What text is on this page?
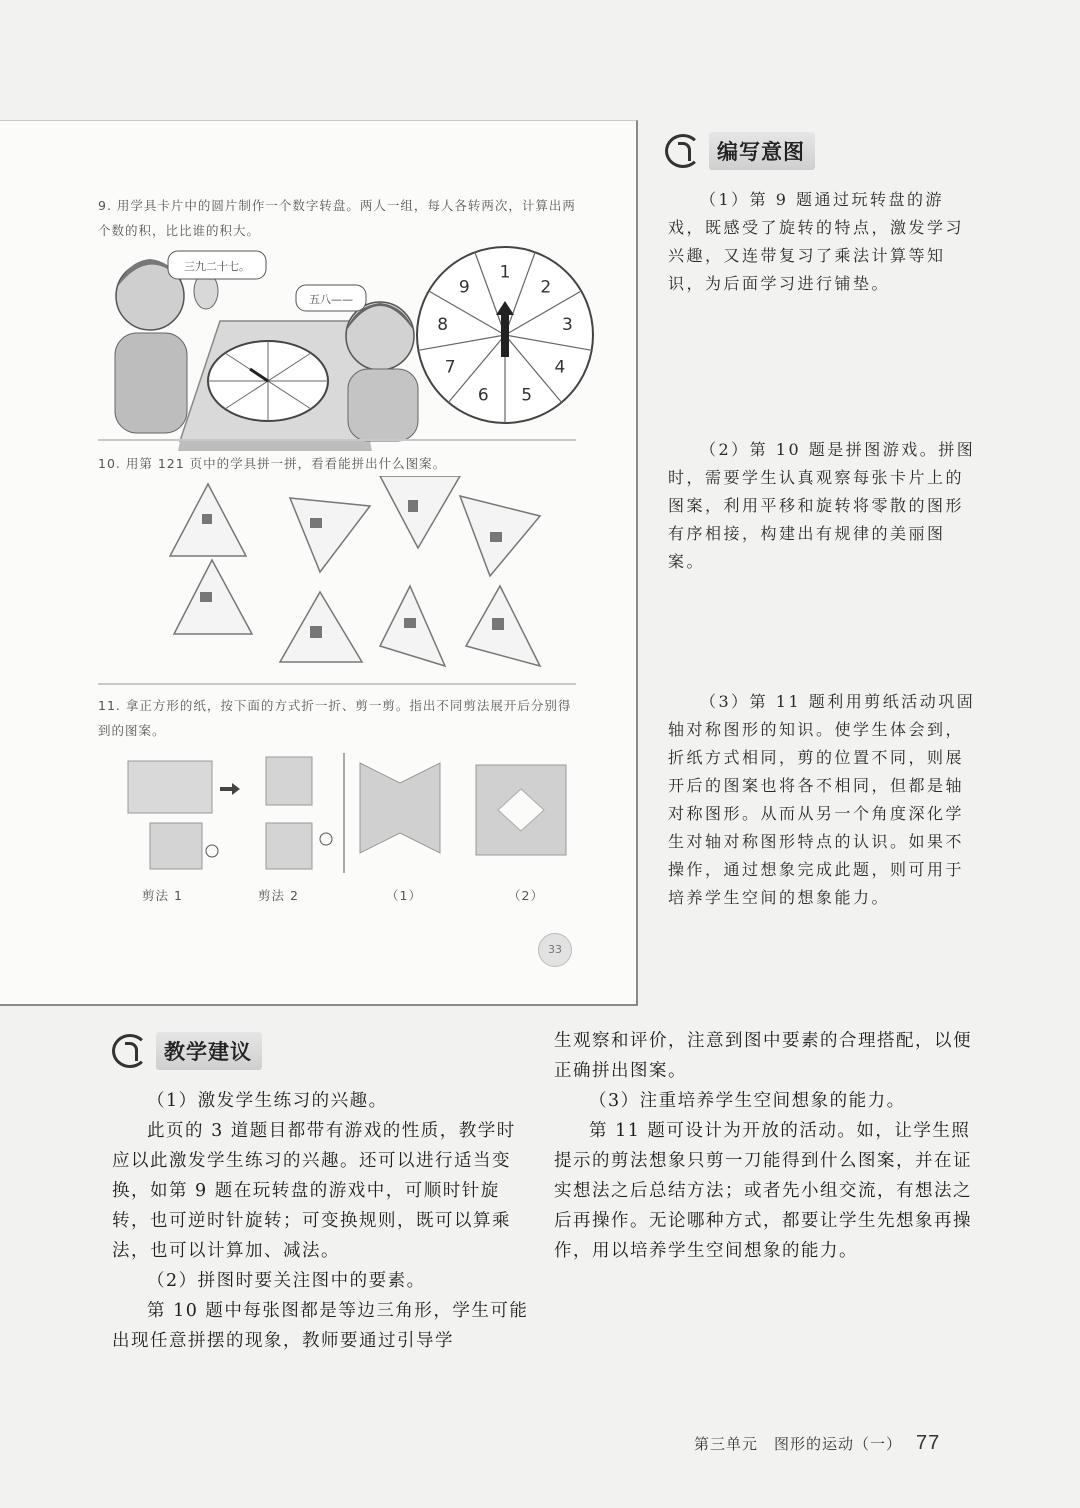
9. 用学具卡片中的圆片制作一个数字转盘。两人一组，每人各转两次，计算出两个数的积，比比谁的积大。
三九二十七。
五八——
1
2
3
4
5
6
7
8
9
10. 用第 121 页中的学具拼一拼，看看能拼出什么图案。
11. 拿正方形的纸，按下面的方式折一折、剪一剪。指出不同剪法展开后分别得到的图案。
剪法 1	剪法 2	（1）	（2）
33
编写意图

（1）第 9 题通过玩转盘的游戏，既感受了旋转的特点，激发学习兴趣，又连带复习了乘法计算等知识，为后面学习进行铺垫。

（2）第 10 题是拼图游戏。拼图时，需要学生认真观察每张卡片上的图案，利用平移和旋转将零散的图形有序相接，构建出有规律的美丽图案。

（3）第 11 题利用剪纸活动巩固轴对称图形的知识。使学生体会到，折纸方式相同，剪的位置不同，则展开后的图案也将各不相同，但都是轴对称图形。从而从另一个角度深化学生对轴对称图形特点的认识。如果不操作，通过想象完成此题，则可用于培养学生空间的想象能力。

教学建议

（1）激发学生练习的兴趣。

此页的 3 道题目都带有游戏的性质，教学时应以此激发学生练习的兴趣。还可以进行适当变换，如第 9 题在玩转盘的游戏中，可顺时针旋转，也可逆时针旋转；可变换规则，既可以算乘法，也可以计算加、减法。

（2）拼图时要关注图中的要素。

第 10 题中每张图都是等边三角形，学生可能出现任意拼摆的现象，教师要通过引导学

生观察和评价，注意到图中要素的合理搭配，以便正确拼出图案。

（3）注重培养学生空间想象的能力。

第 11 题可设计为开放的活动。如，让学生照提示的剪法想象只剪一刀能得到什么图案，并在证实想法之后总结方法；或者先小组交流，有想法之后再操作。无论哪种方式，都要让学生先想象再操作，用以培养学生空间想象的能力。

第三单元　图形的运动（一） 77
